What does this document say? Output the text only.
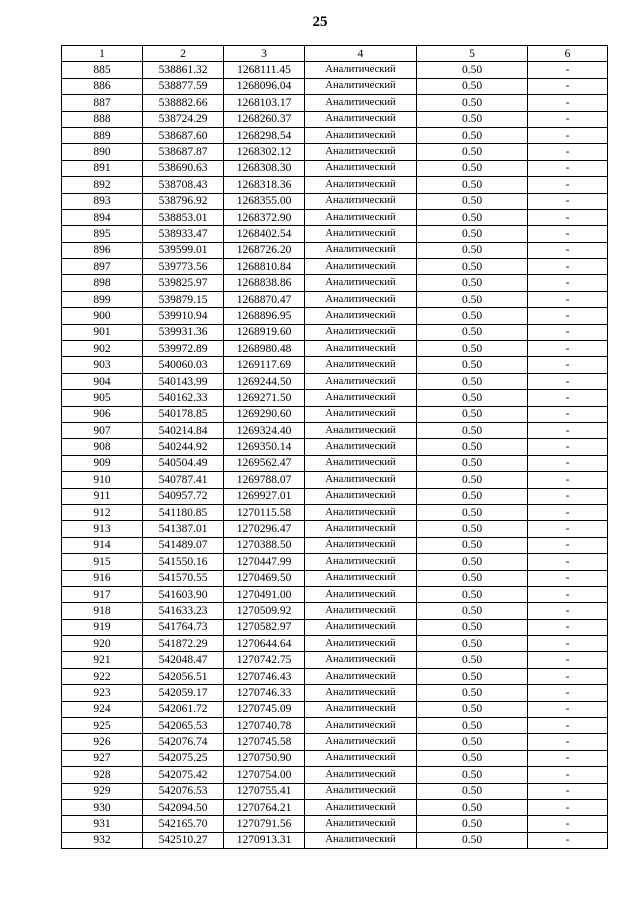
25
1	2	3	4	5	6
885	538861.32	1268111.45	Аналитический	0.50	-
886	538877.59	1268096.04	Аналитический	0.50	-
887	538882.66	1268103.17	Аналитический	0.50	-
888	538724.29	1268260.37	Аналитический	0.50	-
889	538687.60	1268298.54	Аналитический	0.50	-
890	538687.87	1268302.12	Аналитический	0.50	-
891	538690.63	1268308.30	Аналитический	0.50	-
892	538708.43	1268318.36	Аналитический	0.50	-
893	538796.92	1268355.00	Аналитический	0.50	-
894	538853.01	1268372.90	Аналитический	0.50	-
895	538933.47	1268402.54	Аналитический	0.50	-
896	539599.01	1268726.20	Аналитический	0.50	-
897	539773.56	1268810.84	Аналитический	0.50	-
898	539825.97	1268838.86	Аналитический	0.50	-
899	539879.15	1268870.47	Аналитический	0.50	-
900	539910.94	1268896.95	Аналитический	0.50	-
901	539931.36	1268919.60	Аналитический	0.50	-
902	539972.89	1268980.48	Аналитический	0.50	-
903	540060.03	1269117.69	Аналитический	0.50	-
904	540143.99	1269244.50	Аналитический	0.50	-
905	540162.33	1269271.50	Аналитический	0.50	-
906	540178.85	1269290.60	Аналитический	0.50	-
907	540214.84	1269324.40	Аналитический	0.50	-
908	540244.92	1269350.14	Аналитический	0.50	-
909	540504.49	1269562.47	Аналитический	0.50	-
910	540787.41	1269788.07	Аналитический	0.50	-
911	540957.72	1269927.01	Аналитический	0.50	-
912	541180.85	1270115.58	Аналитический	0.50	-
913	541387.01	1270296.47	Аналитический	0.50	-
914	541489.07	1270388.50	Аналитический	0.50	-
915	541550.16	1270447.99	Аналитический	0.50	-
916	541570.55	1270469.50	Аналитический	0.50	-
917	541603.90	1270491.00	Аналитический	0.50	-
918	541633.23	1270509.92	Аналитический	0.50	-
919	541764.73	1270582.97	Аналитический	0.50	-
920	541872.29	1270644.64	Аналитический	0.50	-
921	542048.47	1270742.75	Аналитический	0.50	-
922	542056.51	1270746.43	Аналитический	0.50	-
923	542059.17	1270746.33	Аналитический	0.50	-
924	542061.72	1270745.09	Аналитический	0.50	-
925	542065.53	1270740.78	Аналитический	0.50	-
926	542076.74	1270745.58	Аналитический	0.50	-
927	542075.25	1270750.90	Аналитический	0.50	-
928	542075.42	1270754.00	Аналитический	0.50	-
929	542076.53	1270755.41	Аналитический	0.50	-
930	542094.50	1270764.21	Аналитический	0.50	-
931	542165.70	1270791.56	Аналитический	0.50	-
932	542510.27	1270913.31	Аналитический	0.50	-
